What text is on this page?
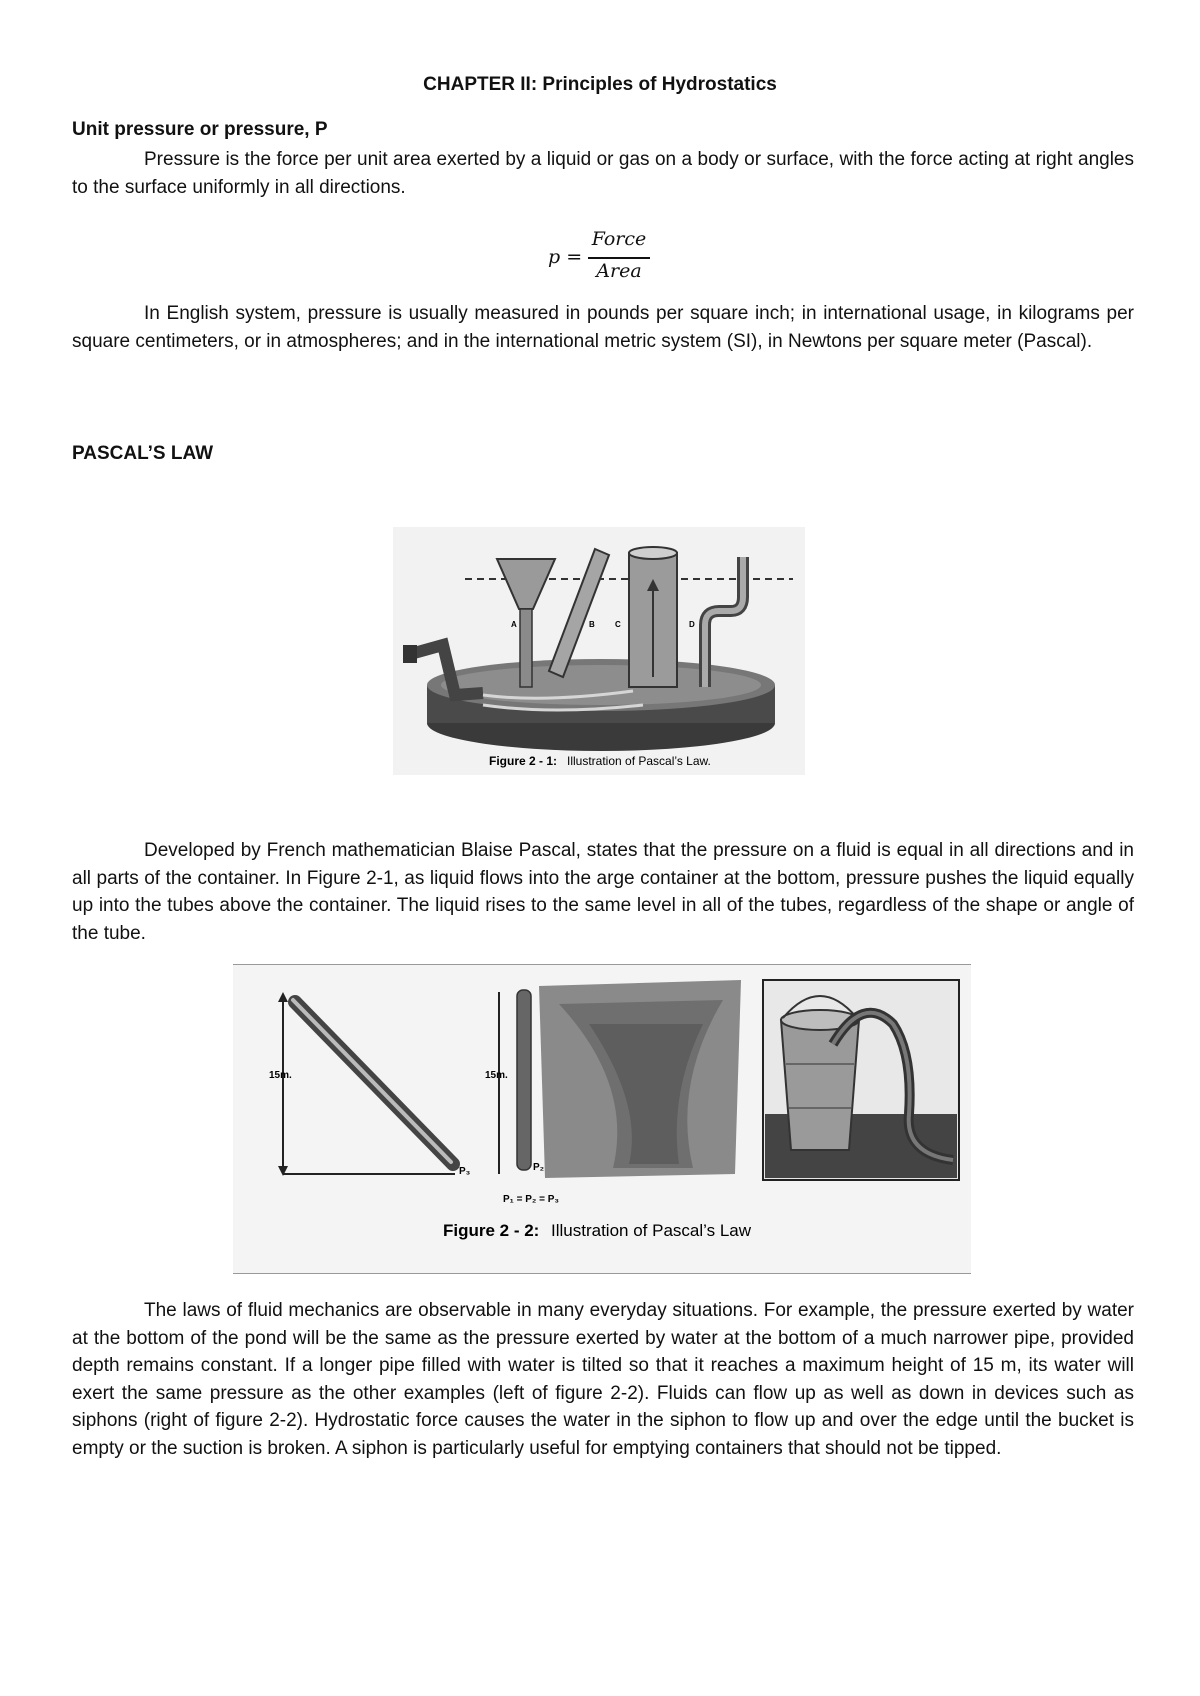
CHAPTER II: Principles of Hydrostatics
Unit pressure or pressure, P

Pressure is the force per unit area exerted by a liquid or gas on a body or surface, with the force acting at right angles to the surface uniformly in all directions.

p =
Force
Area

In English system, pressure is usually measured in pounds per square inch; in international usage, in kilograms per square centimeters, or in atmospheres; and in the international metric system (SI), in Newtons per square meter (Pascal).

PASCAL’S LAW
A	B	C	D
Figure 2 - 1: Illustration of Pascal’s Law.

Developed by French mathematician Blaise Pascal, states that the pressure on a fluid is equal in all directions and in all parts of the container. In Figure 2-1, as liquid flows into the arge container at the bottom, pressure pushes the liquid equally up into the tubes above the container. The liquid rises to the same level in all of the tubes, regardless of the shape or angle of the tube.

15m.
P₃
15m.
P₂
P₁ = P₂ = P₃
Figure 2 - 2: Illustration of Pascal’s Law

The laws of fluid mechanics are observable in many everyday situations. For example, the pressure exerted by water at the bottom of the pond will be the same as the pressure exerted by water at the bottom of a much narrower pipe, provided depth remains constant. If a longer pipe filled with water is tilted so that it reaches a maximum height of 15 m, its water will exert the same pressure as the other examples (left of figure 2-2). Fluids can flow up as well as down in devices such as siphons (right of figure 2-2). Hydrostatic force causes the water in the siphon to flow up and over the edge until the bucket is empty or the suction is broken. A siphon is particularly useful for emptying containers that should not be tipped.
